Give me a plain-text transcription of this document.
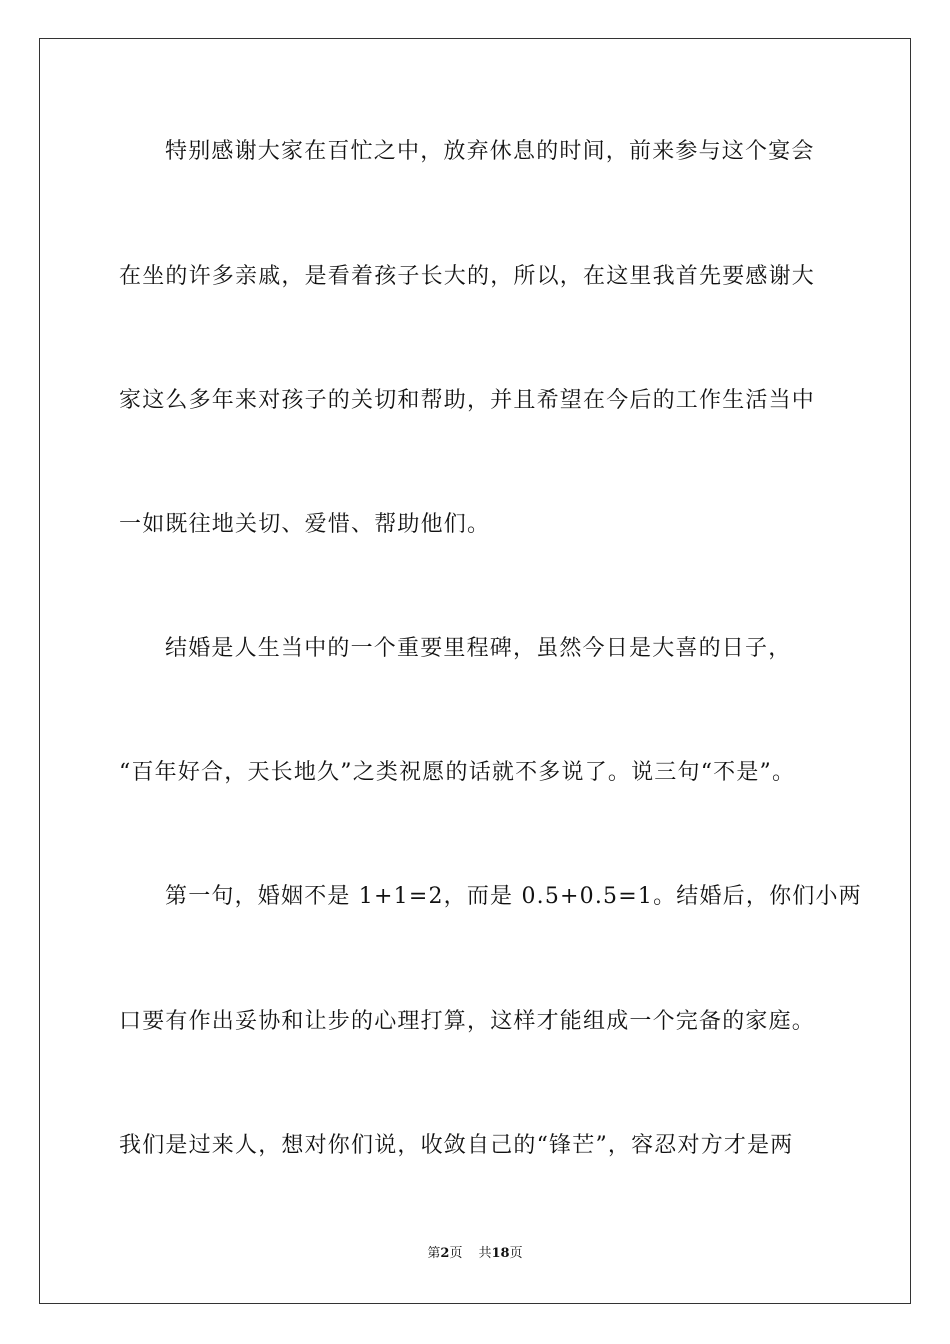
特别感谢大家在百忙之中，放弃休息的时间，前来参与这个宴会
在坐的许多亲戚，是看着孩子长大的，所以，在这里我首先要感谢大
家这么多年来对孩子的关切和帮助，并且希望在今后的工作生活当中
一如既往地关切、爱惜、帮助他们。
结婚是人生当中的一个重要里程碑，虽然今日是大喜的日子，
“百年好合，天长地久”之类祝愿的话就不多说了。说三句“不是”。
第一句，婚姻不是 1+1=2，而是 0.5+0.5=1。结婚后，你们小两
口要有作出妥协和让步的心理打算，这样才能组成一个完备的家庭。
我们是过来人，想对你们说，收敛自己的“锋芒”，容忍对方才是两
第2页 共18页
